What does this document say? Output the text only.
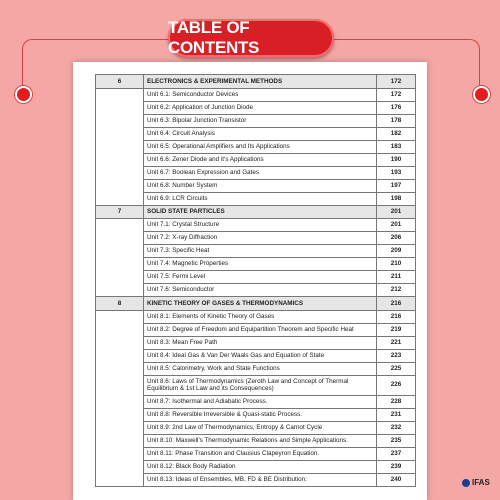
6	ELECTRONICS & EXPERIMENTAL METHODS	172
	Unit 6.1: Semiconductor Devices	172
	Unit 6.2: Application of Junction Diode	176
	Unit 6.3: Bipolar Junction Transistor	178
	Unit 6.4: Circuit Analysis	182
	Unit 6.5: Operational Amplifiers and Its Applications	183
	Unit 6.6: Zener Diode and it's Applications	190
	Unit 6.7: Boolean Expression and Gates	193
	Unit 6.8: Number System	197
	Unit 6.9: LCR Circuits	198
7	SOLID STATE PARTICLES	201
	Unit 7.1: Crystal Structure	201
	Unit 7.2: X-ray Diffraction	206
	Unit 7.3: Specific Heat	209
	Unit 7.4: Magnetic Properties	210
	Unit 7.5: Fermi Level	211
	Unit 7.6: Semiconductor	212
8	KINETIC THEORY OF GASES & THERMODYNAMICS	216
	Unit 8.1: Elements of Kinetic Theory of Gases	216
	Unit 8.2: Degree of Freedom and Equipartition Theorem and Specific Heat	219
	Unit 8.3: Mean Free Path	221
	Unit 8.4: Ideal Gas & Van Der Waals Gas and Equation of State	223
	Unit 8.5: Calorimetry, Work and State Functions	225
	Unit 8.6: Laws of Thermodynamics (Zeroth Law and Concept of Thermal Equilibrium & 1st Law and its Consequences)	226
	Unit 8.7: Isothermal and Adiabatic Process.	228
	Unit 8.8: Reversible Irreversible & Quasi-static Process.	231
	Unit 8.9: 2nd Law of Thermodynamics, Entropy & Carnot Cycle	232
	Unit 8.10: Maxwell's Thermodynamic Relations and Simple Applications.	235
	Unit 8.11: Phase Transition and Clausius Clapeyron Equation.	237
	Unit 8.12: Black Body Radiation	239
	Unit 8.13: Ideas of Ensembles, MB, FD & BE Distribution:	240
TABLE OF CONTENTS
IFAS
